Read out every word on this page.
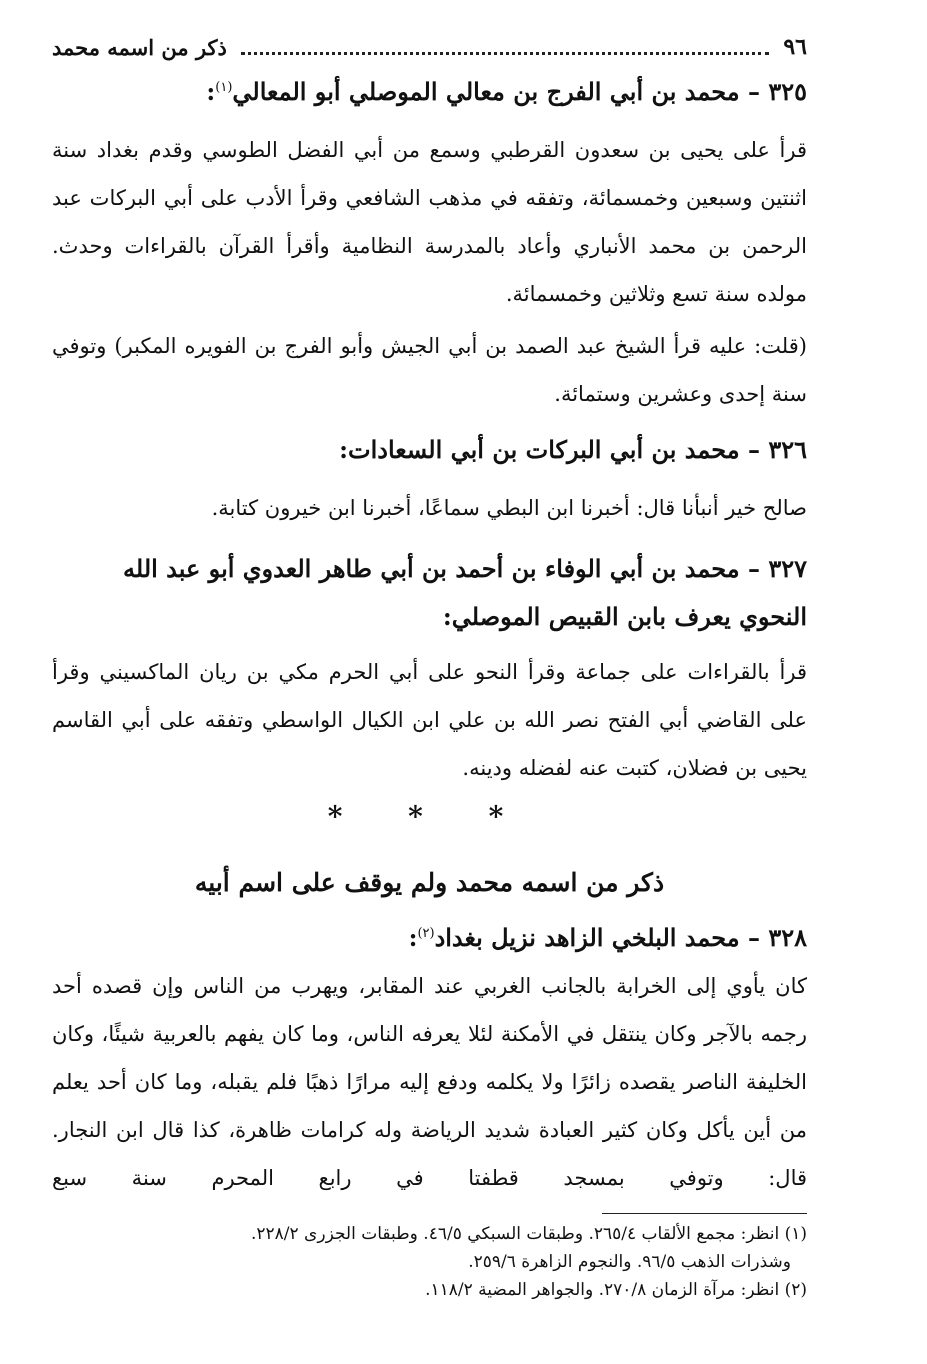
٩٦
ذكر من اسمه محمد

٣٢٥ – محمد بن أبي الفرج بن معالي الموصلي أبو المعالي$^{(١)}$:

قرأ على يحيى بن سعدون القرطبي وسمع من أبي الفضل الطوسي وقدم بغداد سنة اثنتين وسبعين وخمسمائة، وتفقه في مذهب الشافعي وقرأ الأدب على أبي البركات عبد الرحمن بن محمد الأنباري وأعاد بالمدرسة النظامية وأقرأ القرآن بالقراءات وحدث. مولده سنة تسع وثلاثين وخمسمائة.

(قلت: عليه قرأ الشيخ عبد الصمد بن أبي الجيش وأبو الفرج بن الفويره المكبر) وتوفي سنة إحدى وعشرين وستمائة.

٣٢٦ – محمد بن أبي البركات بن أبي السعادات:

صالح خير أنبأنا قال: أخبرنا ابن البطي سماعًا، أخبرنا ابن خيرون كتابة.

٣٢٧ – محمد بن أبي الوفاء بن أحمد بن أبي طاهر العدوي أبو عبد الله النحوي يعرف بابن القبيص الموصلي:

قرأ بالقراءات على جماعة وقرأ النحو على أبي الحرم مكي بن ريان الماكسيني وقرأ على القاضي أبي الفتح نصر الله بن علي ابن الكيال الواسطي وتفقه على أبي القاسم يحيى بن فضلان، كتبت عنه لفضله ودينه.

* * *

ذكر من اسمه محمد ولم يوقف على اسم أبيه

٣٢٨ – محمد البلخي الزاهد نزيل بغداد$^{(٢)}$:

كان يأوي إلى الخرابة بالجانب الغربي عند المقابر، ويهرب من الناس وإن قصده أحد رجمه بالآجر وكان ينتقل في الأمكنة لئلا يعرفه الناس، وما كان يفهم بالعربية شيئًا، وكان الخليفة الناصر يقصده زائرًا ولا يكلمه ودفع إليه مرارًا ذهبًا فلم يقبله، وما كان أحد يعلم من أين يأكل وكان كثير العبادة شديد الرياضة وله كرامات ظاهرة، كذا قال ابن النجار. قال: وتوفي بمسجد قطفتا في رابع المحرم سنة سبع

(١) انظر: مجمع الألقاب ٢٦٥/٤. وطبقات السبكي ٤٦/٥. وطبقات الجزرى ٢٢٨/٢.

وشذرات الذهب ٩٦/٥. والنجوم الزاهرة ٢٥٩/٦.

(٢) انظر: مرآة الزمان ٢٧٠/٨. والجواهر المضية ١١٨/٢.
